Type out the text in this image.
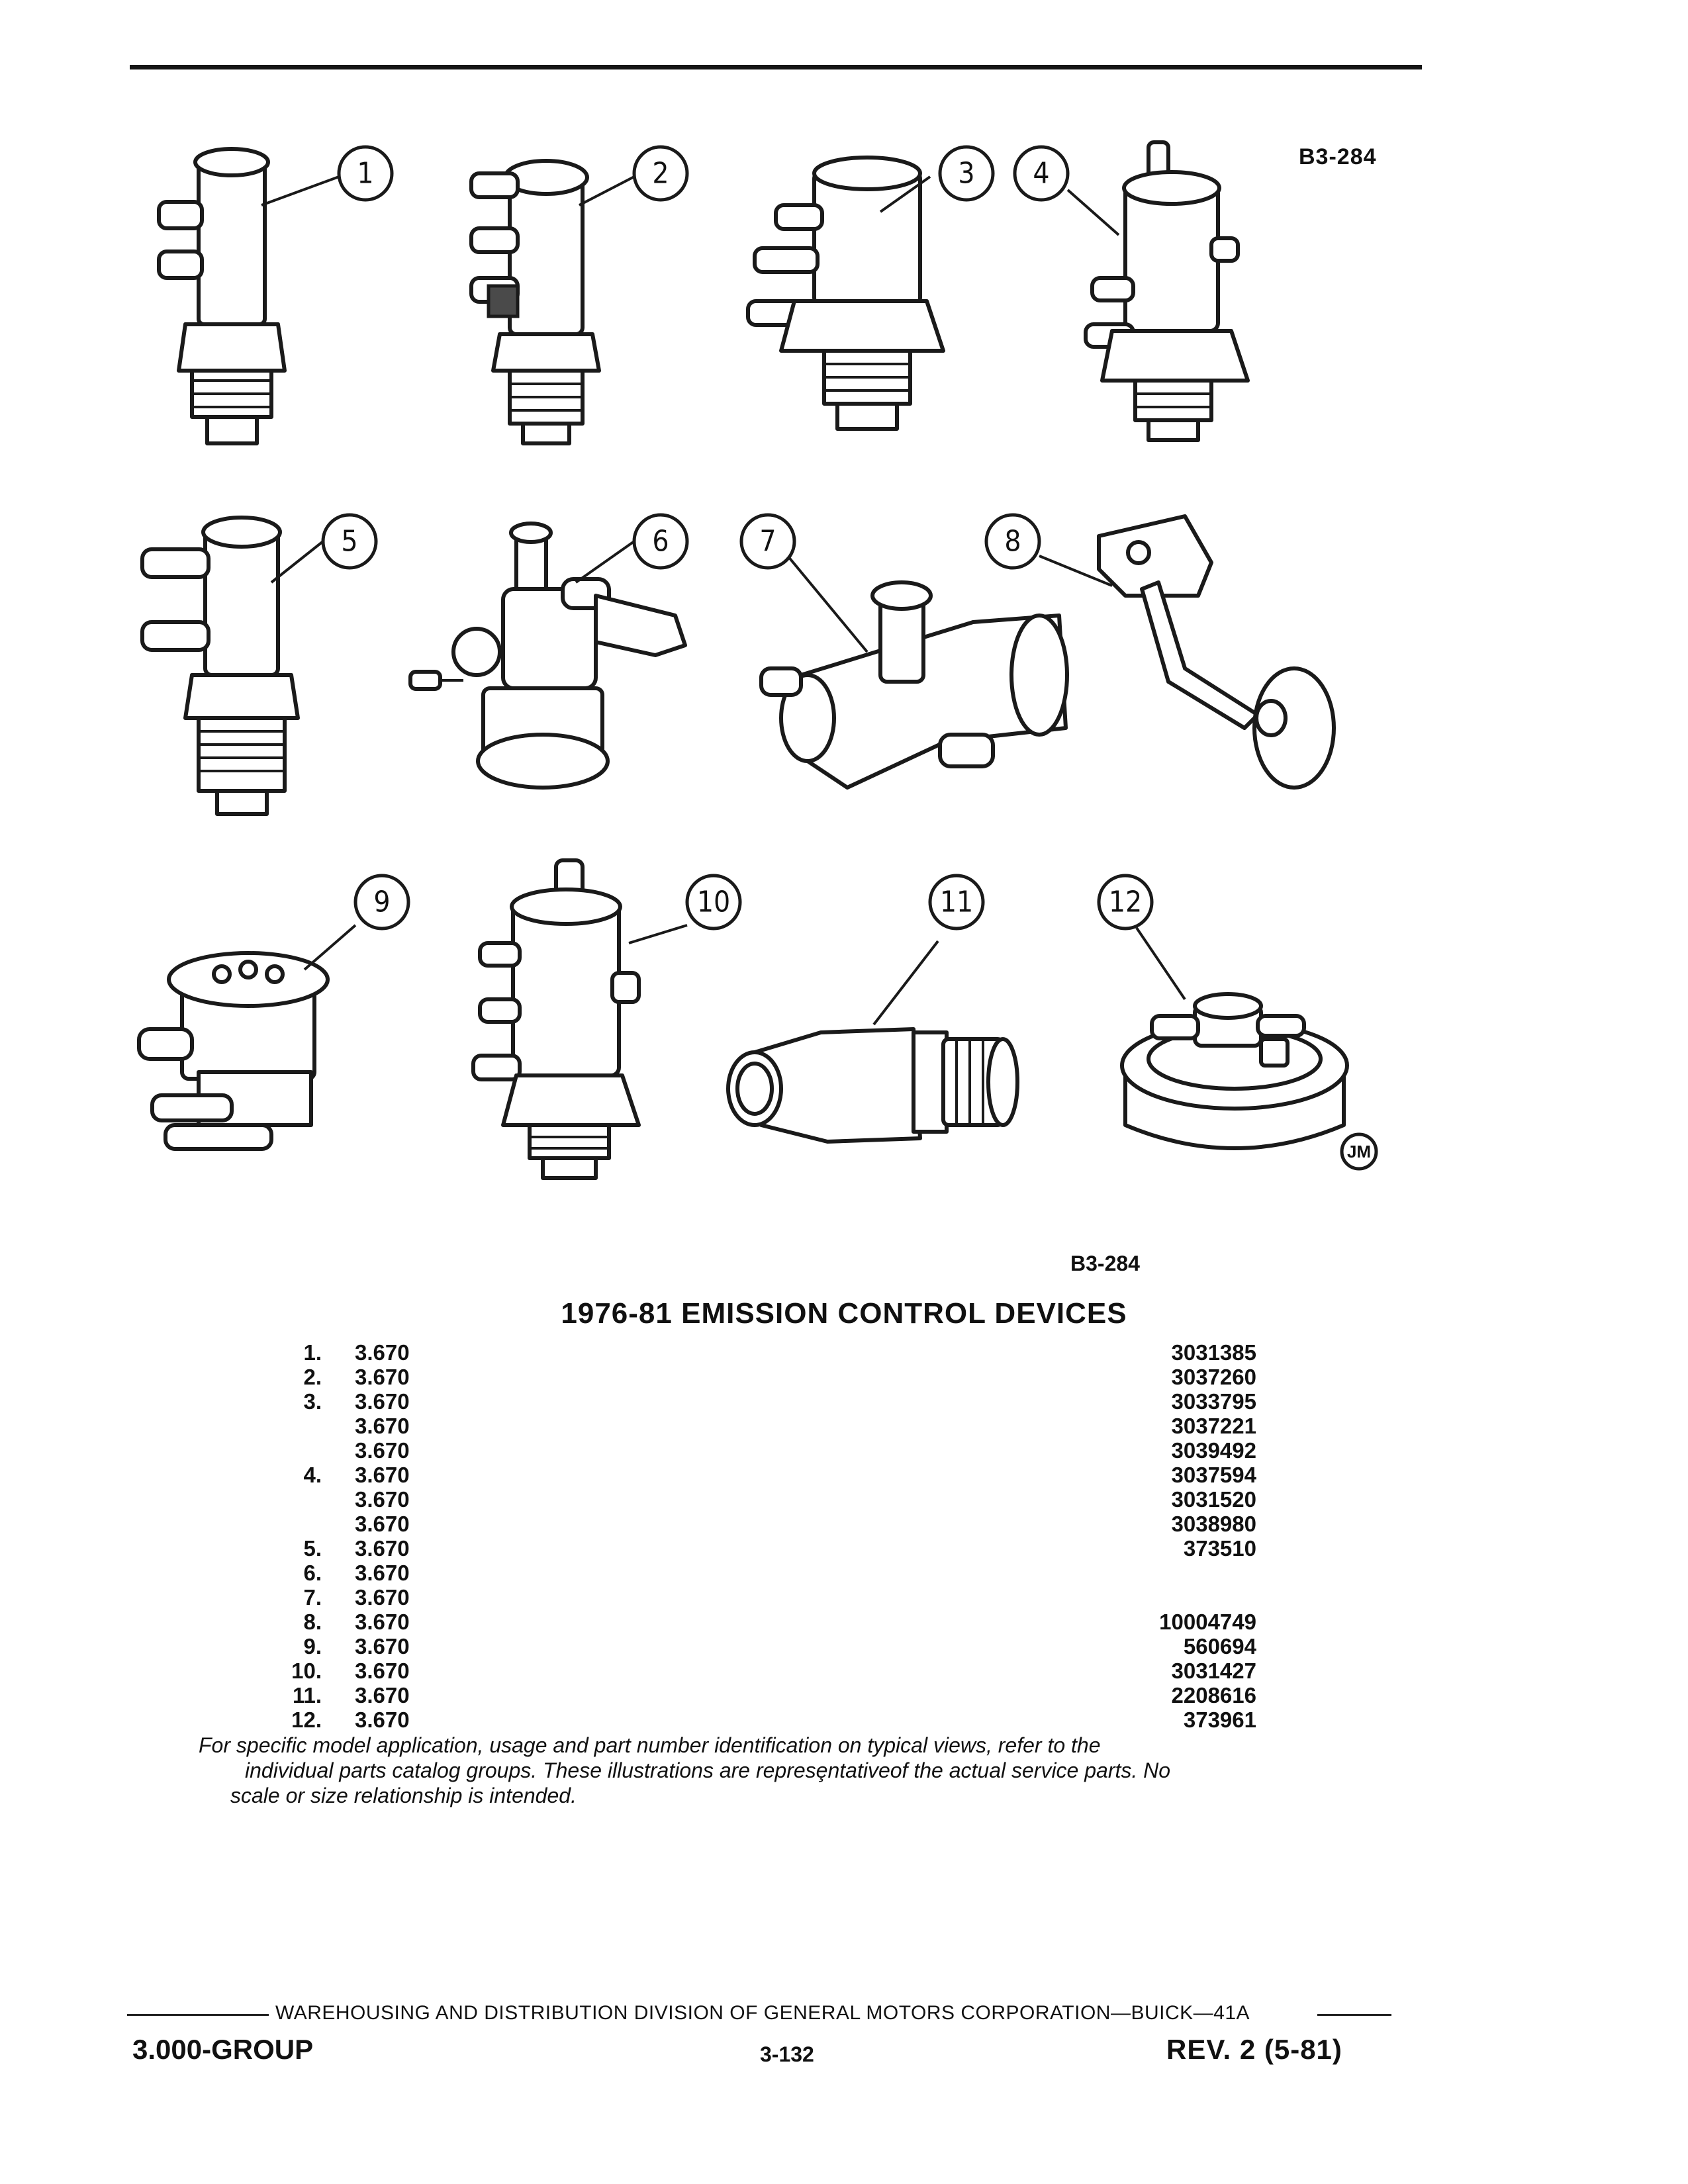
B3-284
JM
1	2	3 4
5	6	7	8
9	10	11	12
B3-284
1976-81 EMISSION CONTROL DEVICES
1. 3.670	3031385
2. 3.670	3037260
3. 3.670	3033795
3.670	3037221
3.670	3039492
4. 3.670	3037594
3.670	3031520
3.670	3038980
5. 3.670	373510
6. 3.670
7. 3.670
8. 3.670	10004749
9. 3.670	560694
10. 3.670	3031427
11. 3.670	2208616
12. 3.670	373961
For specific model application, usage and part number identification on typical views, refer to the
individual parts catalog groups. These illustrations are represȩntativeof the actual service parts. No
scale or size relationship is intended.
WAREHOUSING AND DISTRIBUTION DIVISION OF GENERAL MOTORS CORPORATION—BUICK—41A
3.000-GROUP	3-132	REV. 2 (5-81)
